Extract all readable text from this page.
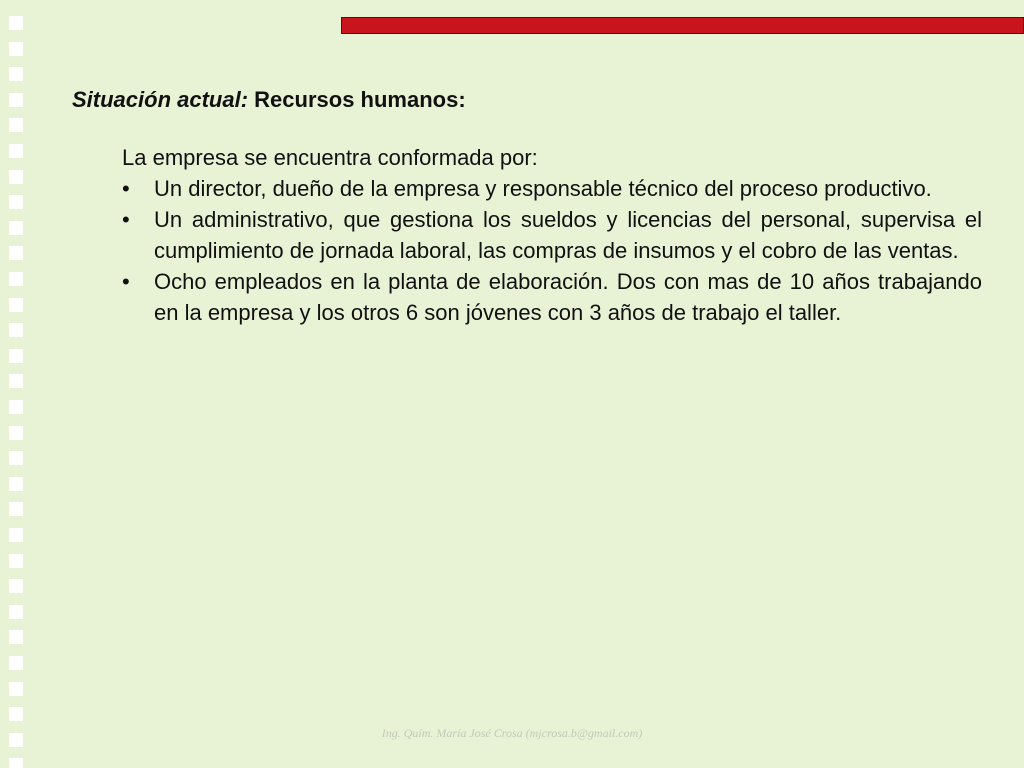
Situación actual: Recursos humanos:

La empresa se encuentra conformada por:

•	Un director, dueño de la empresa y responsable técnico del proceso productivo.
•	Un administrativo, que gestiona los sueldos y licencias del personal, supervisa el cumplimiento de jornada laboral, las compras de insumos y el cobro de las ventas.
•	Ocho empleados en la planta de elaboración. Dos con mas de 10 años trabajando en la empresa y los otros 6 son jóvenes con 3 años de trabajo el taller.
Ing. Quím. María José Crosa (mjcrosa.b@gmail.com)
